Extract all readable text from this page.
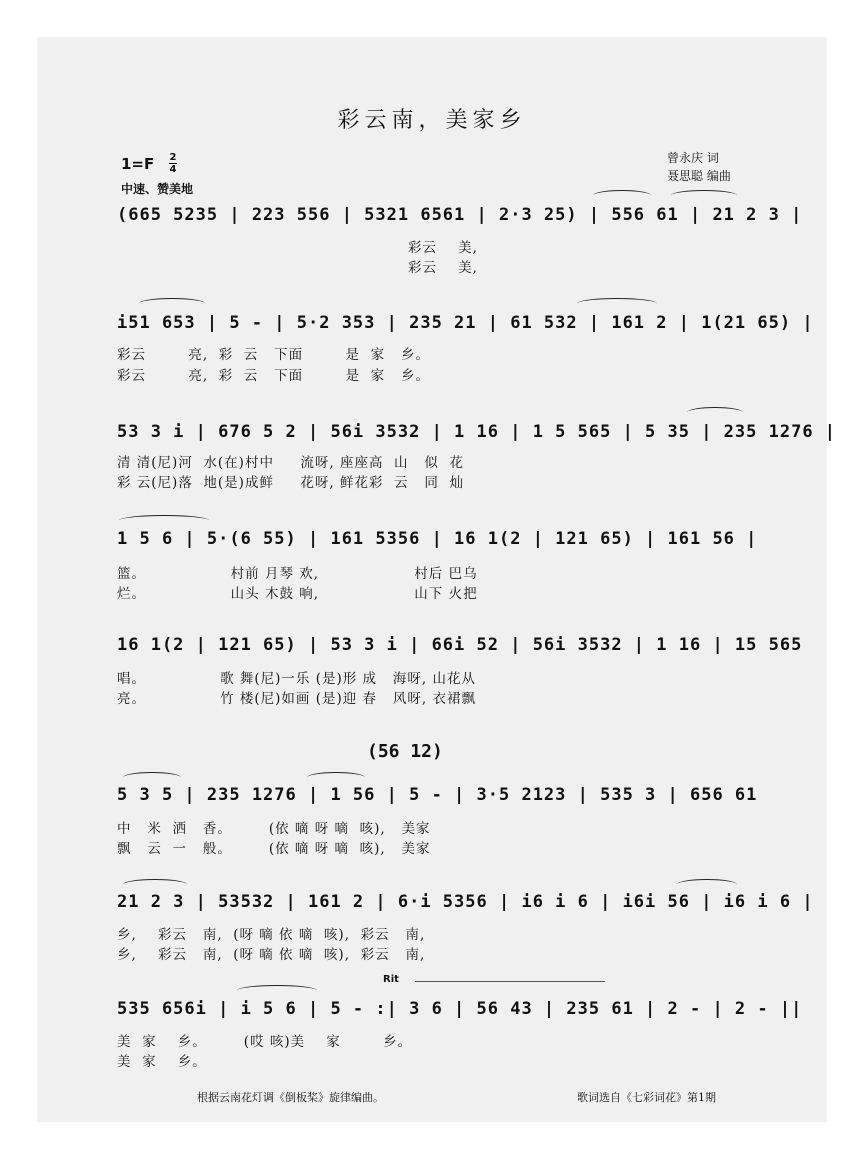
彩云南，美家乡
1=F 2
4
中速、赞美地
曾永庆 词
聂思聪 编曲
(665 5235 | 223 556 | 5321 6561 | 2·3 25) | 556 61 | 21 2 3 |
彩云    美,
彩云    美,
i51 653 | 5 - | 5·2 353 | 235 21 | 61 532 | 161 2 | 1(21 65) |
彩云        亮,  彩  云   下面        是  家   乡。
彩云        亮,  彩  云   下面        是  家   乡。
53 3 i | 676 5 2 | 56i 3532 | 1 16 | 1 5 565 | 5 35 | 235 1276 |
清 清(尼)河  水(在)村中     流呀, 座座高  山   似  花
彩 云(尼)落  地(是)成鲜     花呀, 鲜花彩  云   同  灿
1 5 6 | 5·(6 55) | 161 5356 | 16 1(2 | 121 65) | 161 56 |
篮。                村前 月琴 欢,                  村后 巴乌
烂。                山头 木鼓 响,                  山下 火把
16 1(2 | 121 65) | 53 3 i | 66i 52 | 56i 3532 | 1 16 | 15 565
唱。              歌 舞(尼)一乐 (是)形 成   海呀, 山花从
亮。              竹 楼(尼)如画 (是)迎 春   风呀, 衣裙飘
(56 12)
5 3 5 | 235 1276 | 1 56 | 5 - | 3·5 2123 | 535 3 | 656 61
中   米  洒   香。       (依 嘀 呀 嘀  咳),   美家
飘   云  一   般。       (依 嘀 呀 嘀  咳),   美家
21 2 3 | 53532 | 161 2 | 6·i 5356 | i6 i 6 | i6i 56 | i6 i 6 |
乡,    彩云   南,  (呀 嘀 依 嘀  咳),  彩云   南,
乡,    彩云   南,  (呀 嘀 依 嘀  咳),  彩云   南,
Rit
535 656i | i 5 6 | 5 - :| 3 6 | 56 43 | 235 61 | 2 - | 2 - ||
美  家    乡。       (哎 咳)美    家        乡。
美  家    乡。
根据云南花灯调《倒板桨》旋律编曲。	歌词选自《七彩词花》第1期
